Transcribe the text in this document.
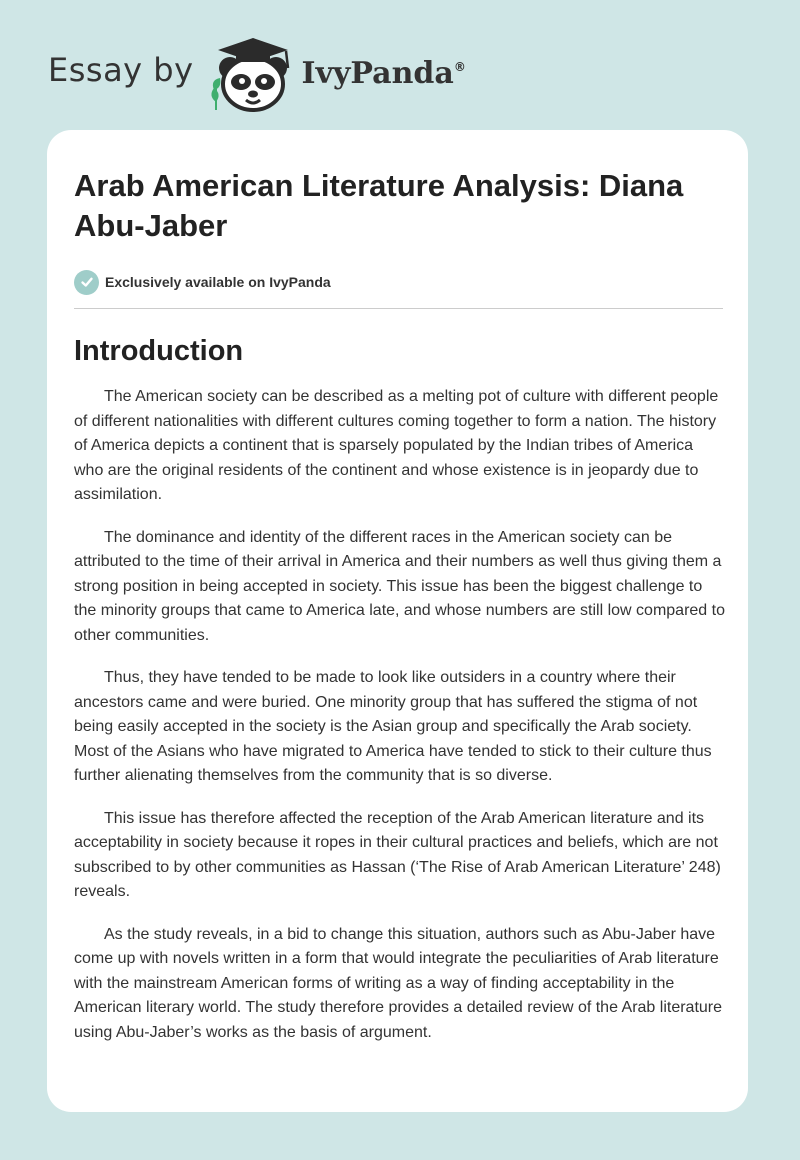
Essay by	IvyPanda®
Arab American Literature Analysis: Diana Abu-Jaber
Exclusively available on IvyPanda
Introduction

The American society can be described as a melting pot of culture with different people of different nationalities with different cultures coming together to form a nation. The history of America depicts a continent that is sparsely populated by the Indian tribes of America who are the original residents of the continent and whose existence is in jeopardy due to assimilation.

The dominance and identity of the different races in the American society can be attributed to the time of their arrival in America and their numbers as well thus giving them a strong position in being accepted in society. This issue has been the biggest challenge to the minority groups that came to America late, and whose numbers are still low compared to other communities.

Thus, they have tended to be made to look like outsiders in a country where their ancestors came and were buried. One minority group that has suffered the stigma of not being easily accepted in the society is the Asian group and specifically the Arab society. Most of the Asians who have migrated to America have tended to stick to their culture thus further alienating themselves from the community that is so diverse.

This issue has therefore affected the reception of the Arab American literature and its acceptability in society because it ropes in their cultural practices and beliefs, which are not subscribed to by other communities as Hassan (‘The Rise of Arab American Literature’ 248) reveals.

As the study reveals, in a bid to change this situation, authors such as Abu-Jaber have come up with novels written in a form that would integrate the peculiarities of Arab literature with the mainstream American forms of writing as a way of finding acceptability in the American literary world. The study therefore provides a detailed review of the Arab literature using Abu-Jaber’s works as the basis of argument.
